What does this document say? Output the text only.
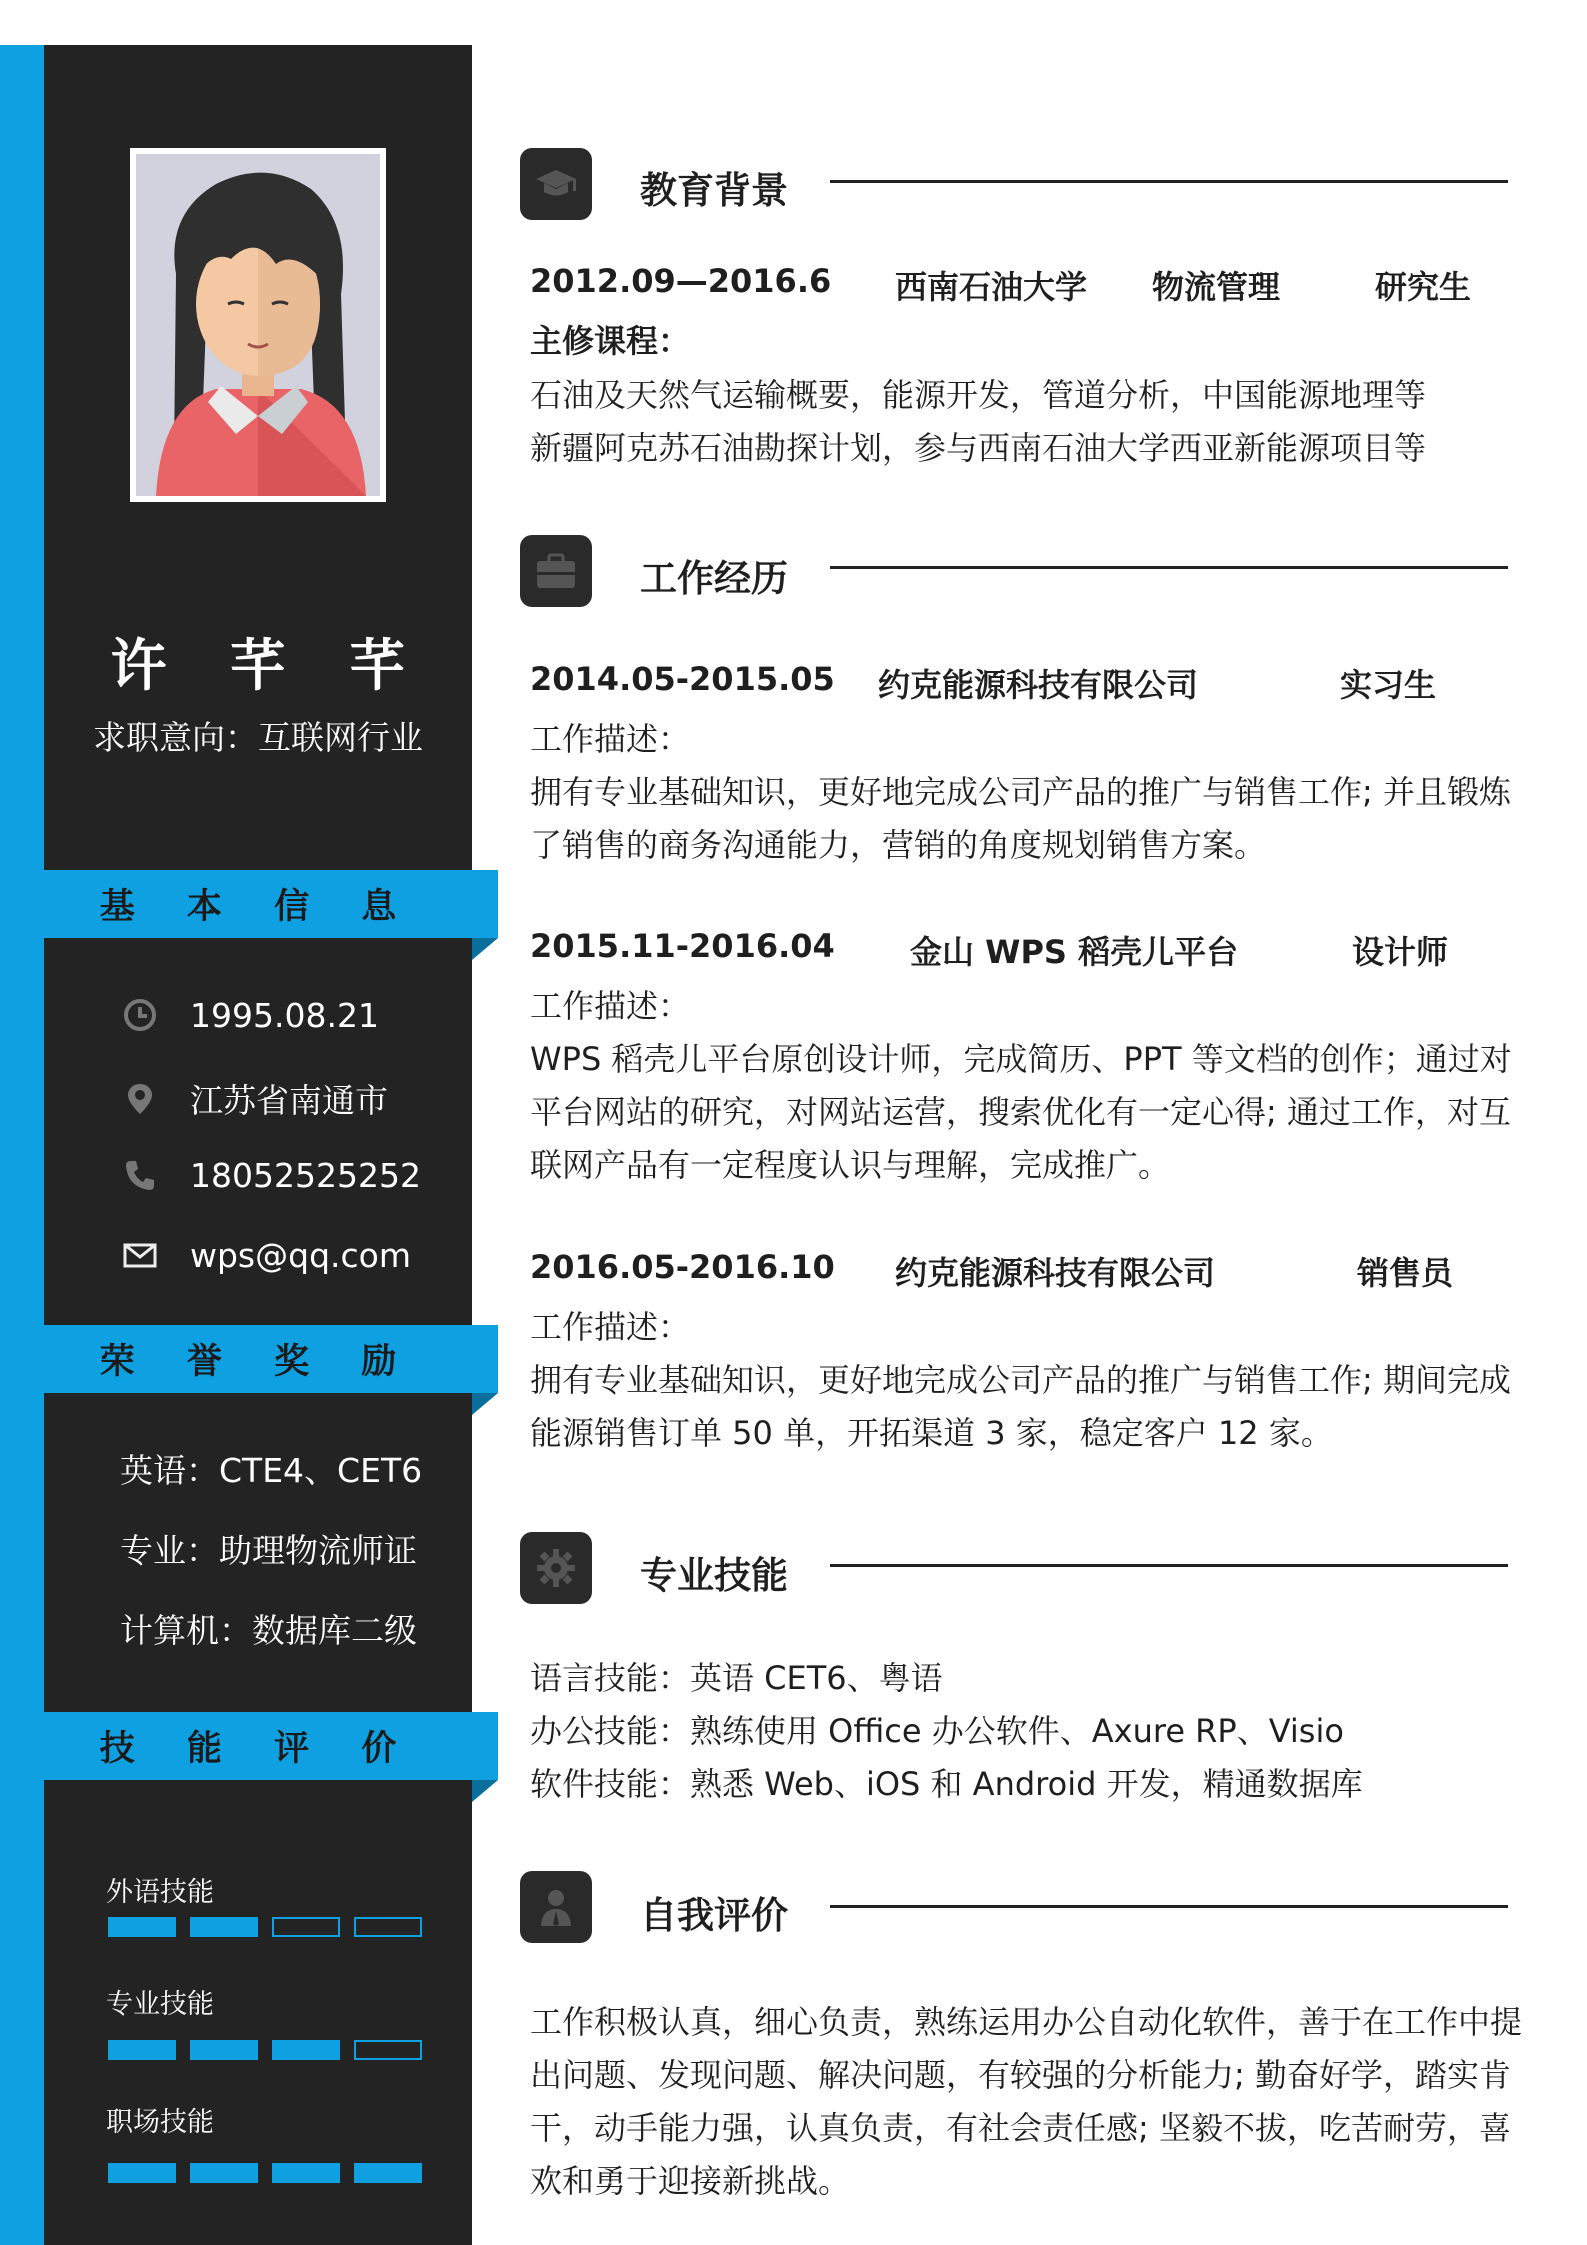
许 芊 芊
求职意向：互联网行业
基 本 信 息
1995.08.21
江苏省南通市
18052525252
wps@qq.com
荣 誉 奖 励
英语：CTE4、CET6
专业：助理物流师证
计算机：数据库二级
技 能 评 价
外语技能
专业技能
职场技能
教育背景
2012.09—2016.6 西南石油大学 物流管理	研究生
主修课程：
石油及天然气运输概要，能源开发，管道分析，中国能源地理等
新疆阿克苏石油勘探计划，参与西南石油大学西亚新能源项目等
工作经历
2014.05-2015.05 约克能源科技有限公司	实习生
工作描述：
拥有专业基础知识，更好地完成公司产品的推广与销售工作; 并且锻炼
了销售的商务沟通能力，营销的角度规划销售方案。
2015.11-2016.04 金山 WPS 稻壳儿平台	设计师
工作描述：
WPS 稻壳儿平台原创设计师，完成简历、PPT 等文档的创作；通过对
平台网站的研究，对网站运营，搜索优化有一定心得; 通过工作，对互
联网产品有一定程度认识与理解，完成推广。
2016.05-2016.10 约克能源科技有限公司	销售员
工作描述：
拥有专业基础知识，更好地完成公司产品的推广与销售工作; 期间完成
能源销售订单 50 单，开拓渠道 3 家，稳定客户 12 家。
专业技能
语言技能：英语 CET6、粤语
办公技能：熟练使用 Office 办公软件、Axure RP、Visio
软件技能：熟悉 Web、iOS 和 Android 开发，精通数据库
自我评价
工作积极认真，细心负责，熟练运用办公自动化软件，善于在工作中提
出问题、发现问题、解决问题，有较强的分析能力; 勤奋好学，踏实肯
干，动手能力强，认真负责，有社会责任感; 坚毅不拔，吃苦耐劳，喜
欢和勇于迎接新挑战。
